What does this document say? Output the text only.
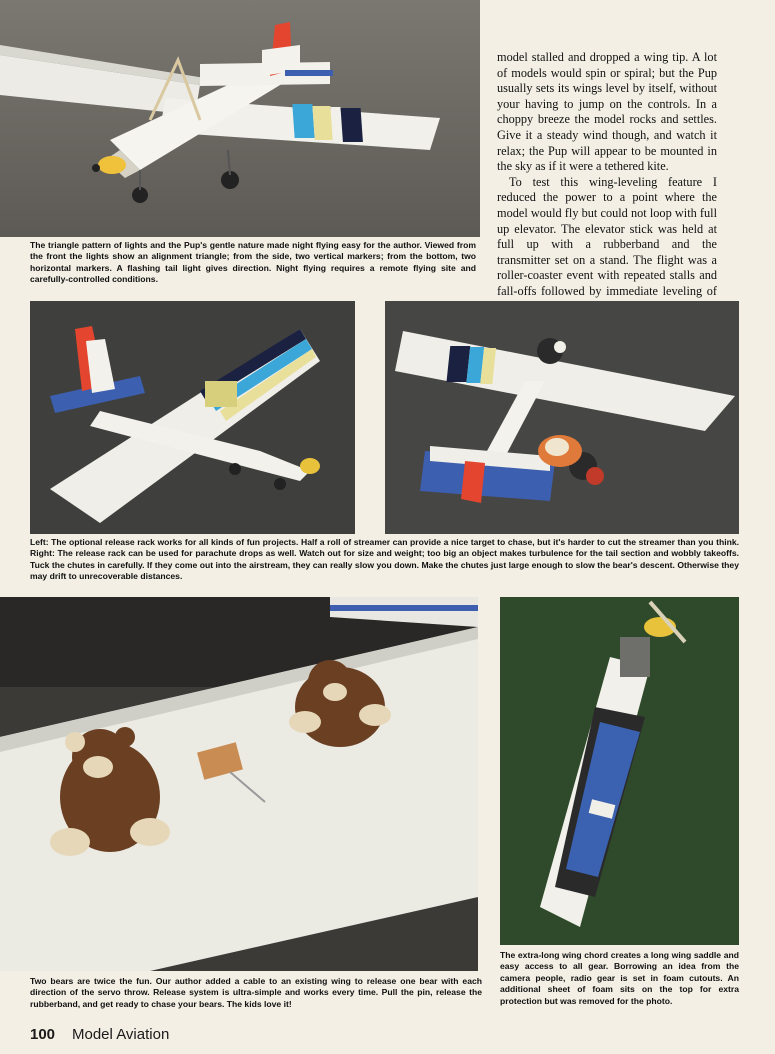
The triangle pattern of lights and the Pup's gentle nature made night flying easy for the author. Viewed from the front the lights show an alignment triangle; from the side, two vertical markers; from the bottom, two horizontal markers. A flashing tail light gives direction. Night flying requires a remote flying site and carefully-controlled conditions.

model stalled and dropped a wing tip. A lot of models would spin or spiral; but the Pup usually sets its wings level by itself, without your having to jump on the controls. In a choppy breeze the model rocks and settles. Give it a steady wind though, and watch it relax; the Pup will appear to be mounted in the sky as if it were a tethered kite.

To test this wing-leveling feature I reduced the power to a point where the model would fly but could not loop with full up elevator. The elevator stick was held at full up with a rubberband and the transmitter set on a stand. The flight was a roller-coaster event with repeated stalls and fall-offs followed by immediate leveling of

Left: The optional release rack works for all kinds of fun projects. Half a roll of streamer can provide a nice target to chase, but it's harder to cut the streamer than you think. Right: The release rack can be used for parachute drops as well. Watch out for size and weight; too big an object makes turbulence for the tail section and wobbly takeoffs. Tuck the chutes in carefully. If they come out into the airstream, they can really slow you down. Make the chutes just large enough to slow the bear's descent. Otherwise they may drift to unrecoverable distances.

Two bears are twice the fun. Our author added a cable to an existing wing to release one bear with each direction of the servo throw. Release system is ultra-simple and works every time. Pull the pin, release the rubberband, and get ready to chase your bears. The kids love it!

The extra-long wing chord creates a long wing saddle and easy access to all gear. Borrowing an idea from the camera people, radio gear is set in foam cutouts. An additional sheet of foam sits on the top for extra protection but was removed for the photo.

100 Model Aviation
